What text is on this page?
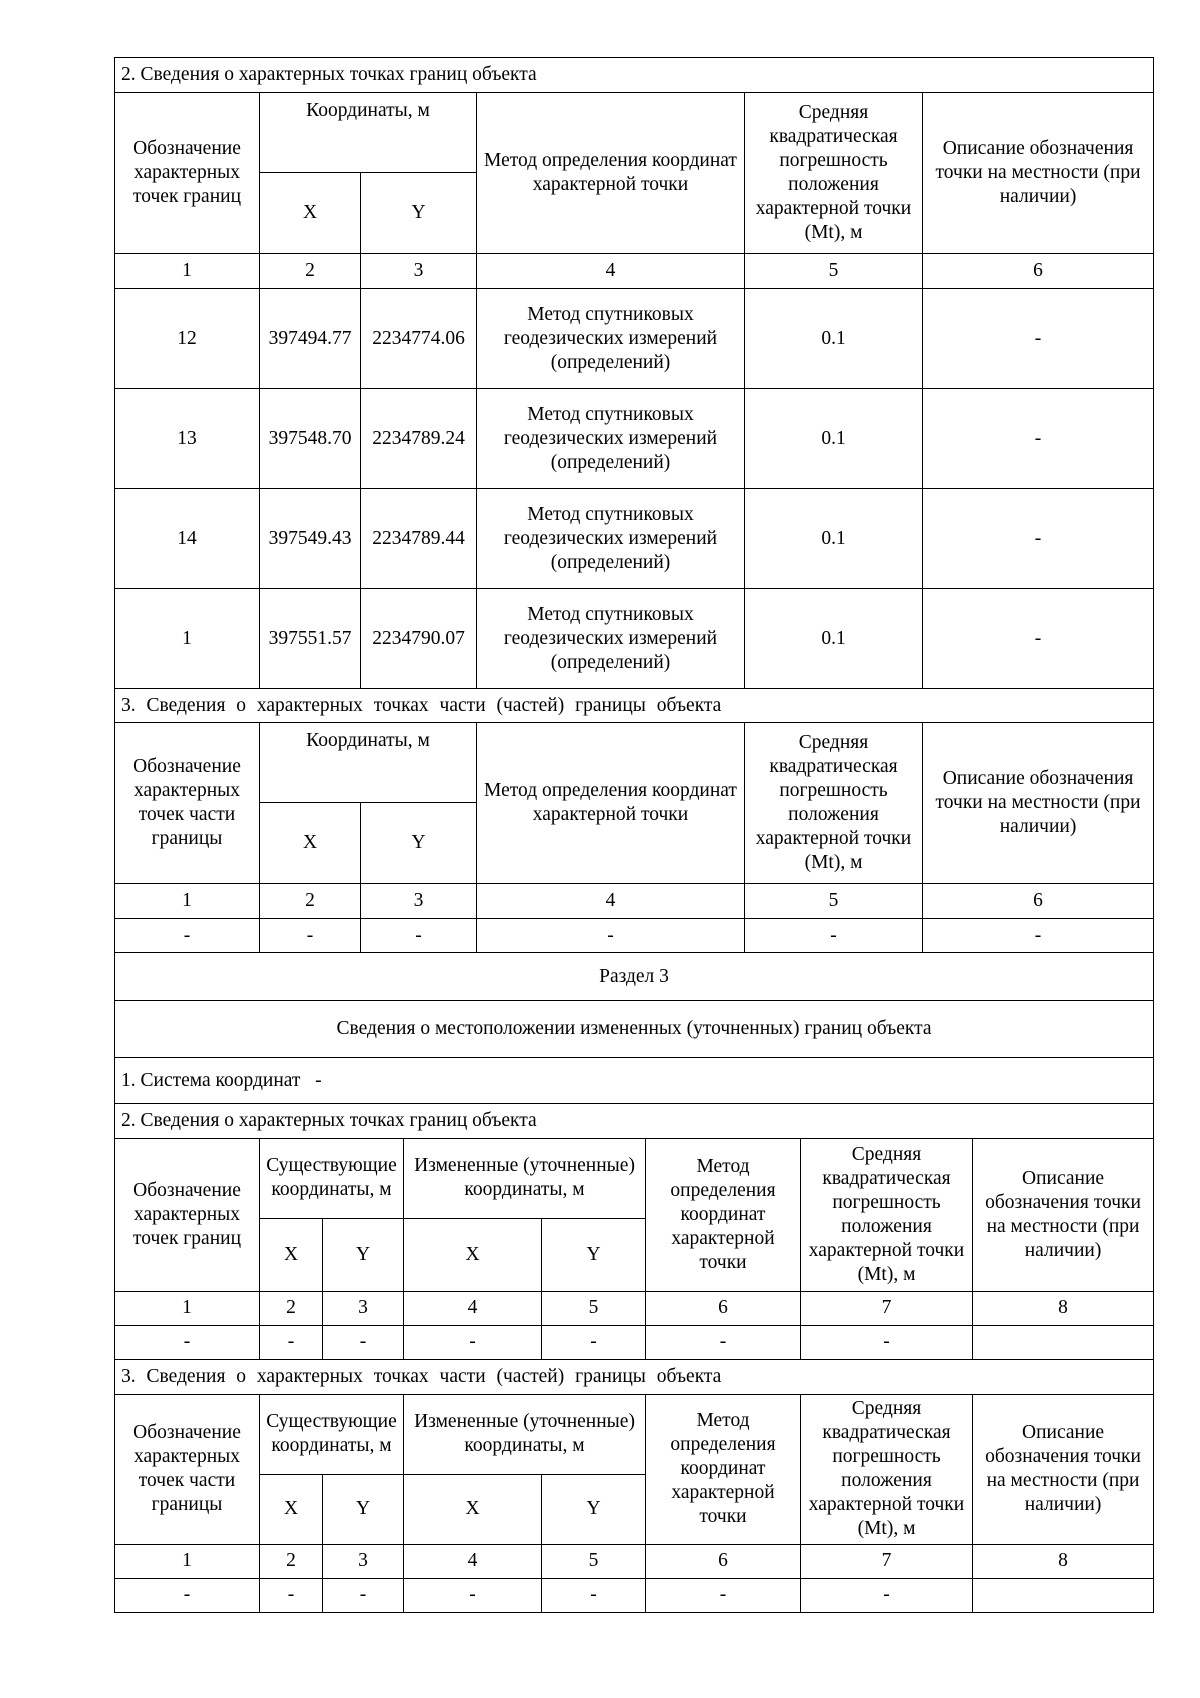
2. Сведения о характерных точках границ объекта					
Обозначение характерных точек границ	Координаты, м		Метод определения координат характерной точки	Средняя квадратическая погрешность положения характерной точки (Mt), м	Описание обозначения точки на местности (при наличии)
	X	Y			
1	2	3	4	5	6
12	397494.77	2234774.06	Метод спутниковых геодезических измерений (определений)	0.1	-
13	397548.70	2234789.24	Метод спутниковых геодезических измерений (определений)	0.1	-
14	397549.43	2234789.44	Метод спутниковых геодезических измерений (определений)	0.1	-
1	397551.57	2234790.07	Метод спутниковых геодезических измерений (определений)	0.1	-
3. Сведения о характерных точках части (частей) границы объекта					
Обозначение характерных точек части границы	Координаты, м		Метод определения координат характерной точки	Средняя квадратическая погрешность положения характерной точки (Mt), м	Описание обозначения точки на местности (при наличии)
	X	Y			
1	2	3	4	5	6
-	-	-	-	-	-
Раздел 3					
Сведения о местоположении измененных (уточненных) границ объекта					
1. Система координат   -					
2. Сведения о характерных точках границ объекта							
Обозначение характерных точек границ	Существующие координаты, м		Измененные (уточненные) координаты, м		Метод определения координат характерной точки	Средняя квадратическая погрешность положения характерной точки (Mt), м	Описание обозначения точки на местности (при наличии)
	X	Y	X	Y			
1	2	3	4	5	6	7	8
-	-	-	-	-	-	-	
3. Сведения о характерных точках части (частей) границы объекта							
Обозначение характерных точек части границы	Существующие координаты, м		Измененные (уточненные) координаты, м		Метод определения координат характерной точки	Средняя квадратическая погрешность положения характерной точки (Mt), м	Описание обозначения точки на местности (при наличии)
	X	Y	X	Y			
1	2	3	4	5	6	7	8
-	-	-	-	-	-	-	
